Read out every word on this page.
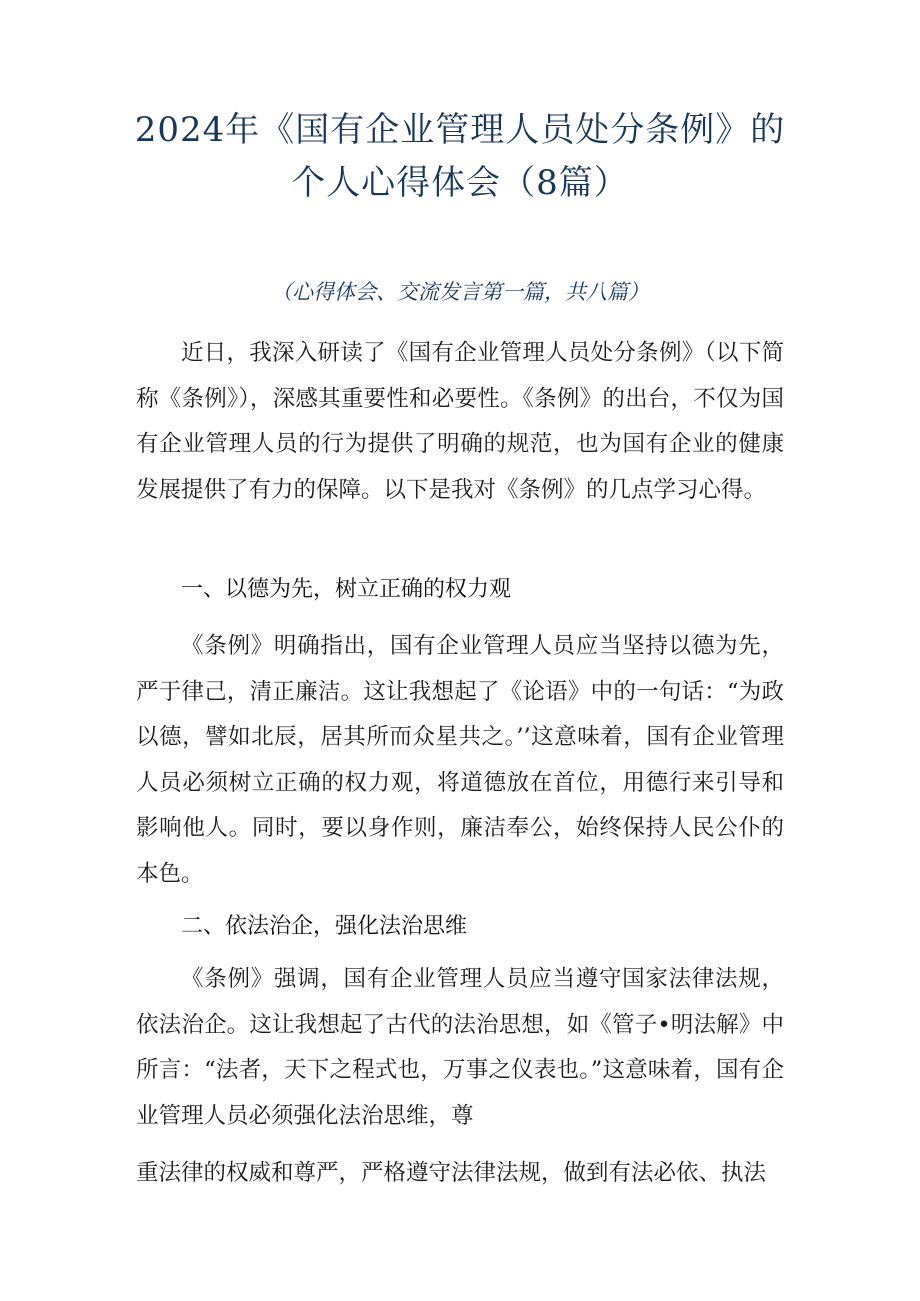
2024年《国有企业管理人员处分条例》的
个人心得体会（8篇）
（心得体会、交流发言第一篇，共八篇）

近日，我深入研读了《国有企业管理人员处分条例》（以下简称《条例》），深感其重要性和必要性。《条例》的出台，不仅为国有企业管理人员的行为提供了明确的规范，也为国有企业的健康发展提供了有力的保障。以下是我对《条例》的几点学习心得。

一、以德为先，树立正确的权力观

《条例》明确指出，国有企业管理人员应当坚持以德为先，严于律己，清正廉洁。这让我想起了《论语》中的一句话：“为政以德，譬如北辰，居其所而众星共之。’’这意味着，国有企业管理人员必须树立正确的权力观，将道德放在首位，用德行来引导和影响他人。同时，要以身作则，廉洁奉公，始终保持人民公仆的本色。

二、依法治企，强化法治思维

《条例》强调，国有企业管理人员应当遵守国家法律法规，依法治企。这让我想起了古代的法治思想，如《管子•明法解》中所言：“法者，天下之程式也，万事之仪表也。”这意味着，国有企业管理人员必须强化法治思维，尊

重法律的权威和尊严，严格遵守法律法规，做到有法必依、执法
